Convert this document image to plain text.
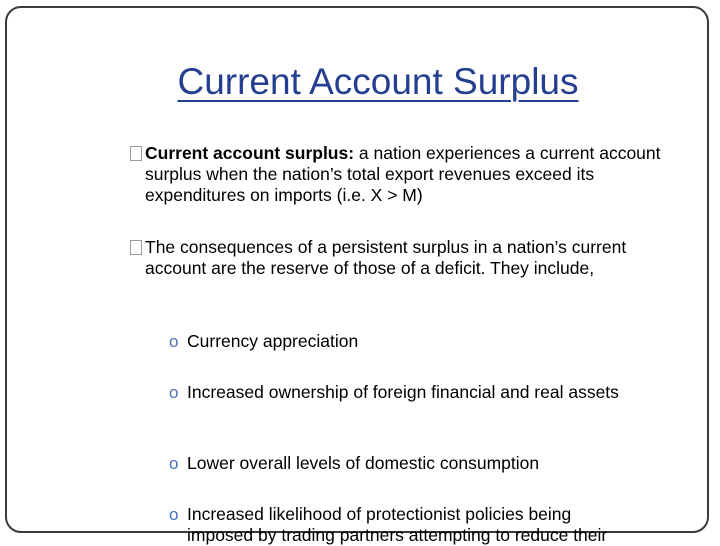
Current Account Surplus
Current account surplus: a nation experiences a current account surplus when the nation’s total export revenues exceed its expenditures on imports (i.e. X > M)
The consequences of a persistent surplus in a nation’s current account are the reserve of those of a deficit. They include,
o Currency appreciation
o Increased ownership of foreign financial and real assets
o Lower overall levels of domestic consumption
o Increased likelihood of protectionist policies being imposed by trading partners attempting to reduce their
